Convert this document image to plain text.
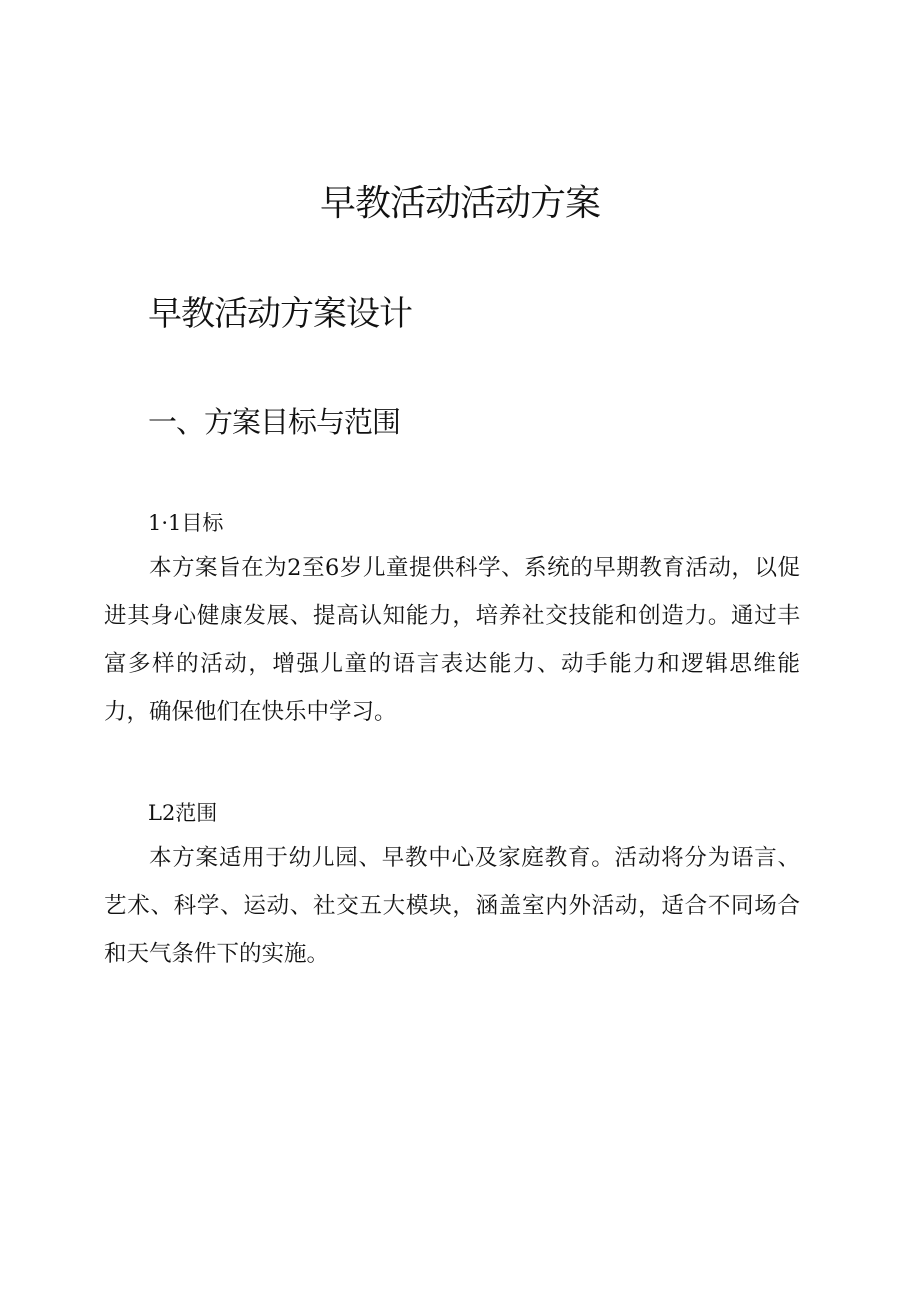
早教活动活动方案
早教活动方案设计
一、方案目标与范围
1·1目标

本方案旨在为2至6岁儿童提供科学、系统的早期教育活动，以促进其身心健康发展、提高认知能力，培养社交技能和创造力。通过丰富多样的活动，增强儿童的语言表达能力、动手能力和逻辑思维能力，确保他们在快乐中学习。

L2范围

本方案适用于幼儿园、早教中心及家庭教育。活动将分为语言、艺术、科学、运动、社交五大模块，涵盖室内外活动，适合不同场合和天气条件下的实施。
